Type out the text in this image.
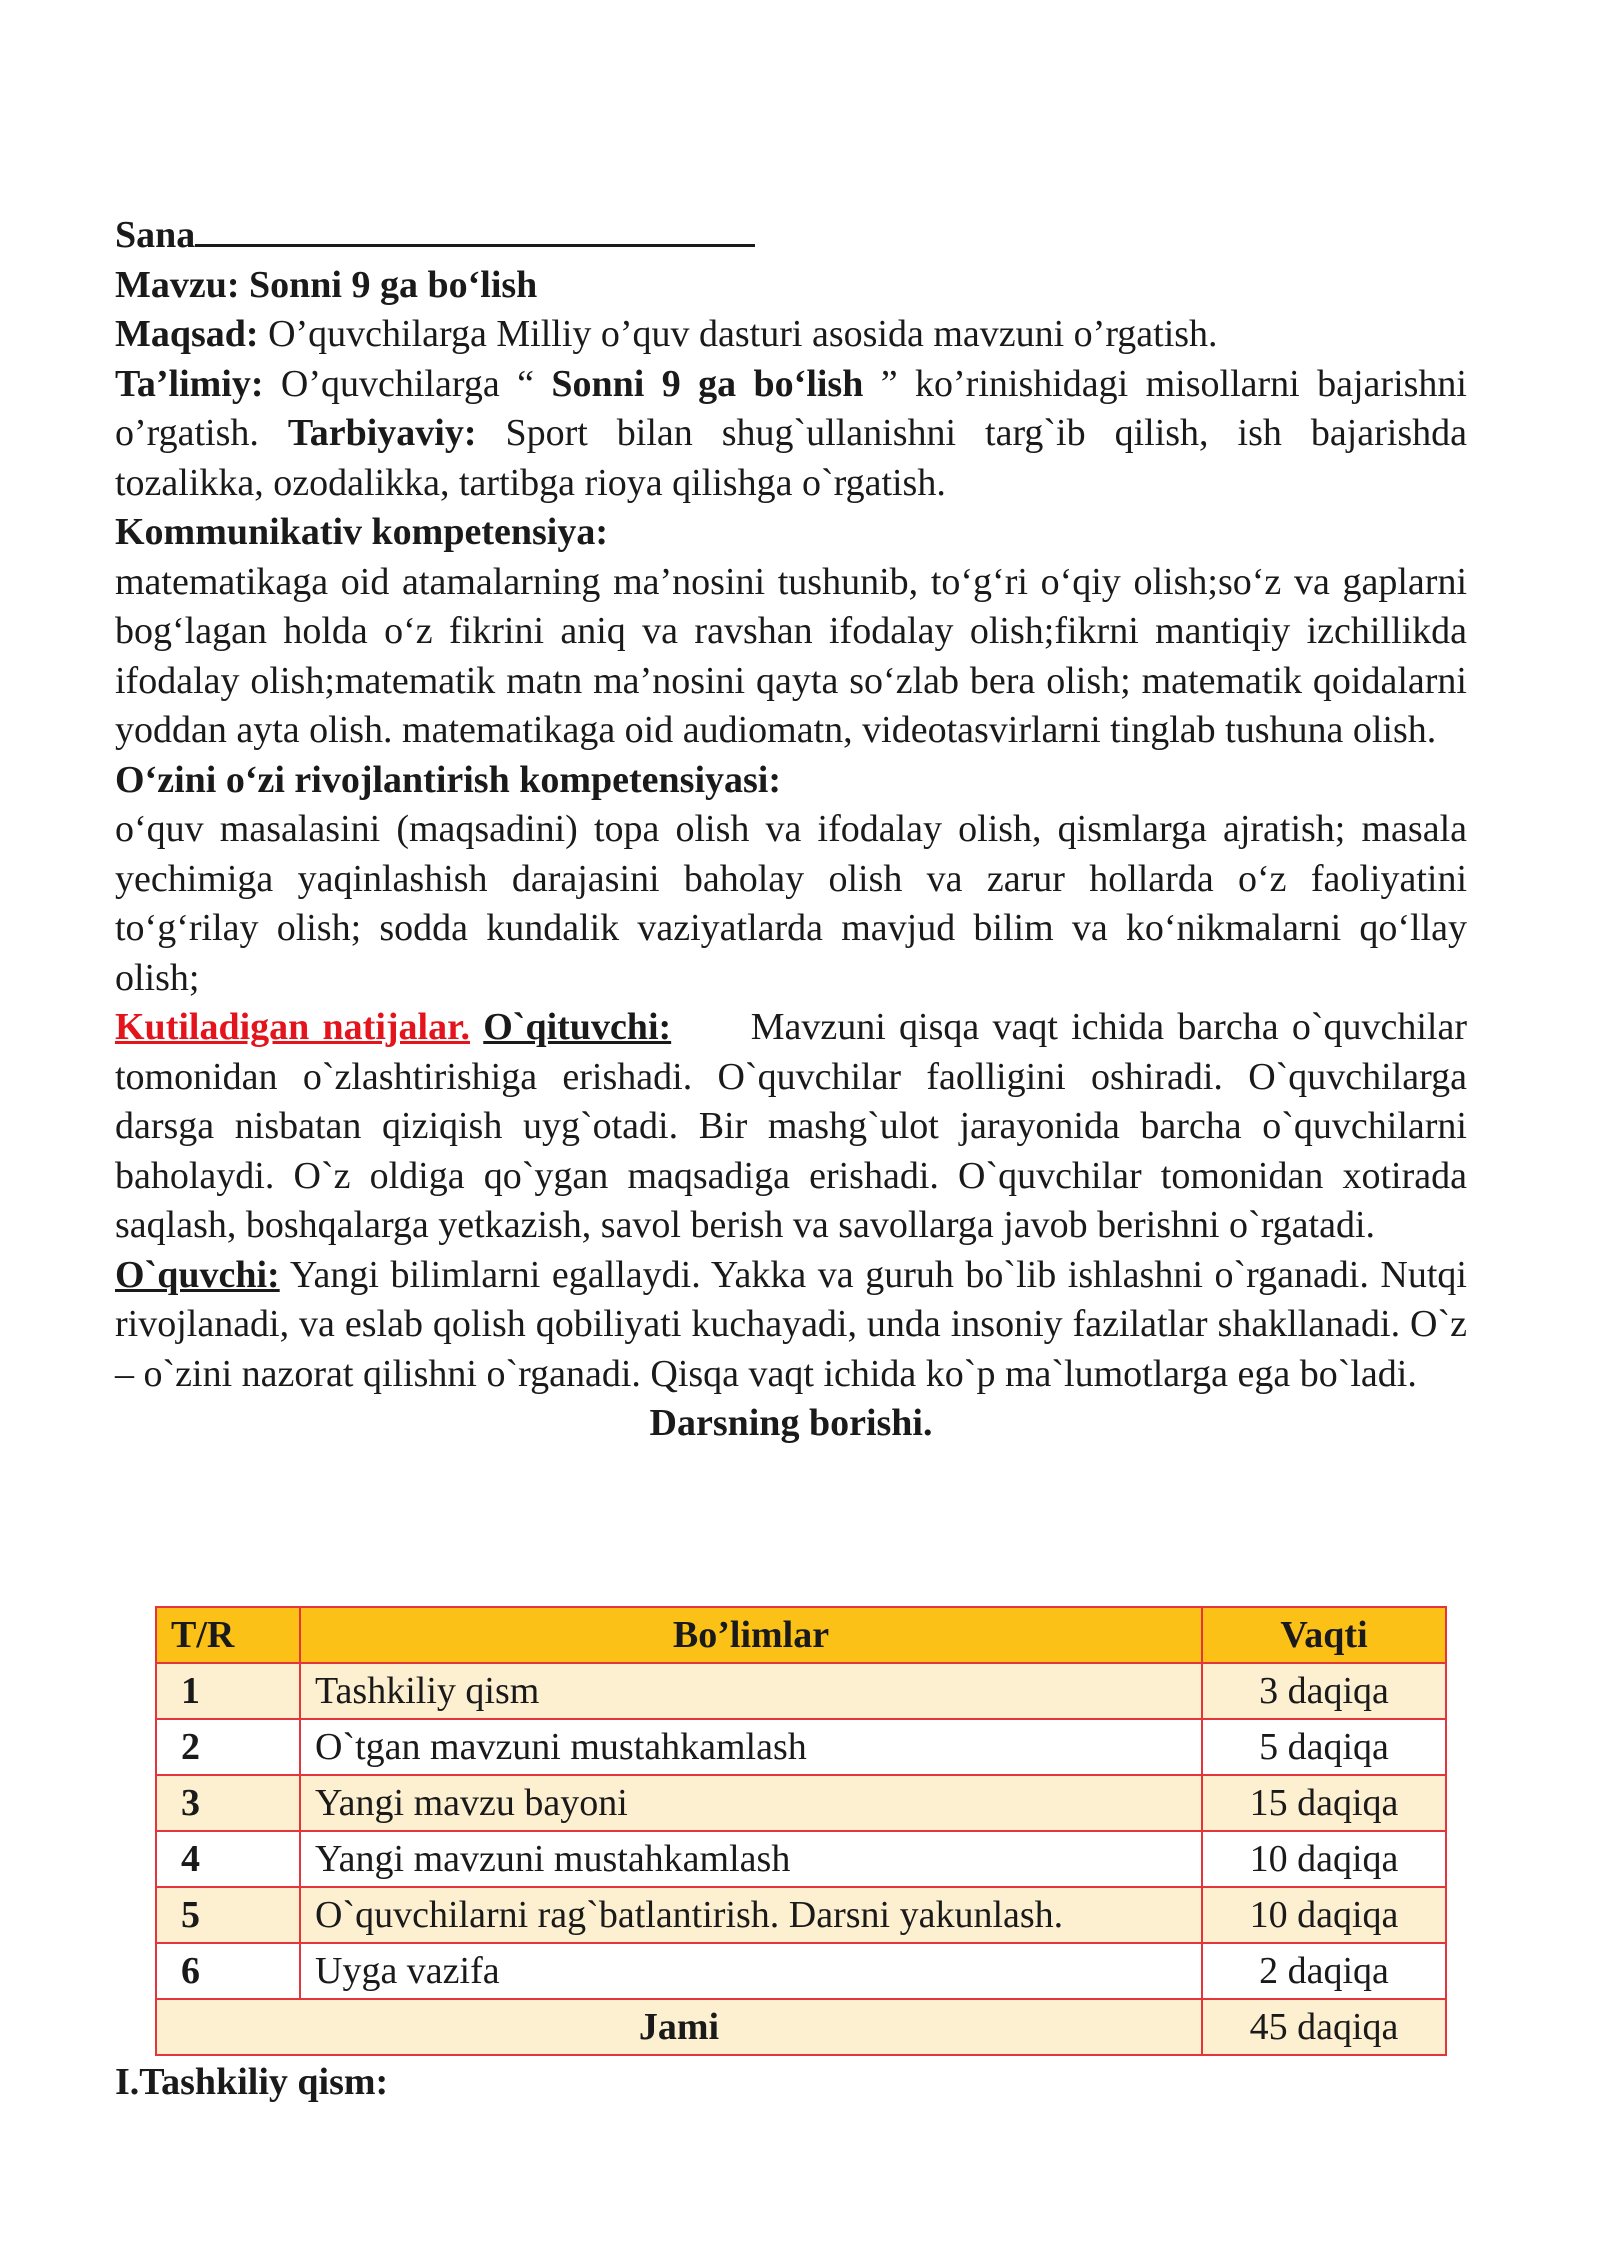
Sana
Mavzu: Sonni 9 ga bo‘lish

Maqsad: O’quvchilarga Milliy o’quv dasturi asosida mavzuni o’rgatish.

Ta’limiy: O’quvchilarga “ Sonni 9 ga bo‘lish ” ko’rinishidagi misollarni bajarishni o’rgatish. Tarbiyaviy: Sport bilan shug`ullanishni targ`ib qilish, ish bajarishda tozalikka, ozodalikka, tartibga rioya qilishga o`rgatish.

Kommunikativ kompetensiya:

matematikaga oid atamalarning ma’nosini tushunib, to‘g‘ri o‘qiy olish;so‘z va gaplarni bog‘lagan holda o‘z fikrini aniq va ravshan ifodalay olish;fikrni mantiqiy izchillikda ifodalay olish;matematik matn ma’nosini qayta so‘zlab bera olish; matematik qoidalarni yoddan ayta olish. matematikaga oid audiomatn, videotasvirlarni tinglab tushuna olish.

O‘zini o‘zi rivojlantirish kompetensiyasi:

o‘quv masalasini (maqsadini) topa olish va ifodalay olish, qismlarga ajratish; masala yechimiga yaqinlashish darajasini baholay olish va zarur hollarda o‘z faoliyatini to‘g‘rilay olish; sodda kundalik vaziyatlarda mavjud bilim va ko‘nikmalarni qo‘llay olish;

Kutiladigan natijalar. O`qituvchi:      Mavzuni qisqa vaqt ichida barcha o`quvchilar tomonidan o`zlashtirishiga erishadi. O`quvchilar faolligini oshiradi. O`quvchilarga darsga nisbatan qiziqish uyg`otadi. Bir mashg`ulot jarayonida barcha o`quvchilarni baholaydi. O`z oldiga qo`ygan maqsadiga erishadi. O`quvchilar tomonidan xotirada saqlash, boshqalarga yetkazish, savol berish va savollarga javob berishni o`rgatadi.

O`quvchi: Yangi bilimlarni egallaydi. Yakka va guruh bo`lib ishlashni o`rganadi. Nutqi rivojlanadi, va eslab qolish qobiliyati kuchayadi, unda insoniy fazilatlar shakllanadi. O`z – o`zini nazorat qilishni o`rganadi. Qisqa vaqt ichida ko`p ma`lumotlarga ega bo`ladi.

Darsning borishi.
T/R	Bo’limlar	Vaqti
1	Tashkiliy qism	3 daqiqa
2	O`tgan mavzuni mustahkamlash	5 daqiqa
3	Yangi mavzu bayoni	15 daqiqa
4	Yangi mavzuni mustahkamlash	10 daqiqa
5	O`quvchilarni rag`batlantirish. Darsni yakunlash.	10 daqiqa
6	Uyga vazifa	2 daqiqa
Jami		45 daqiqa
I.Tashkiliy qism:
